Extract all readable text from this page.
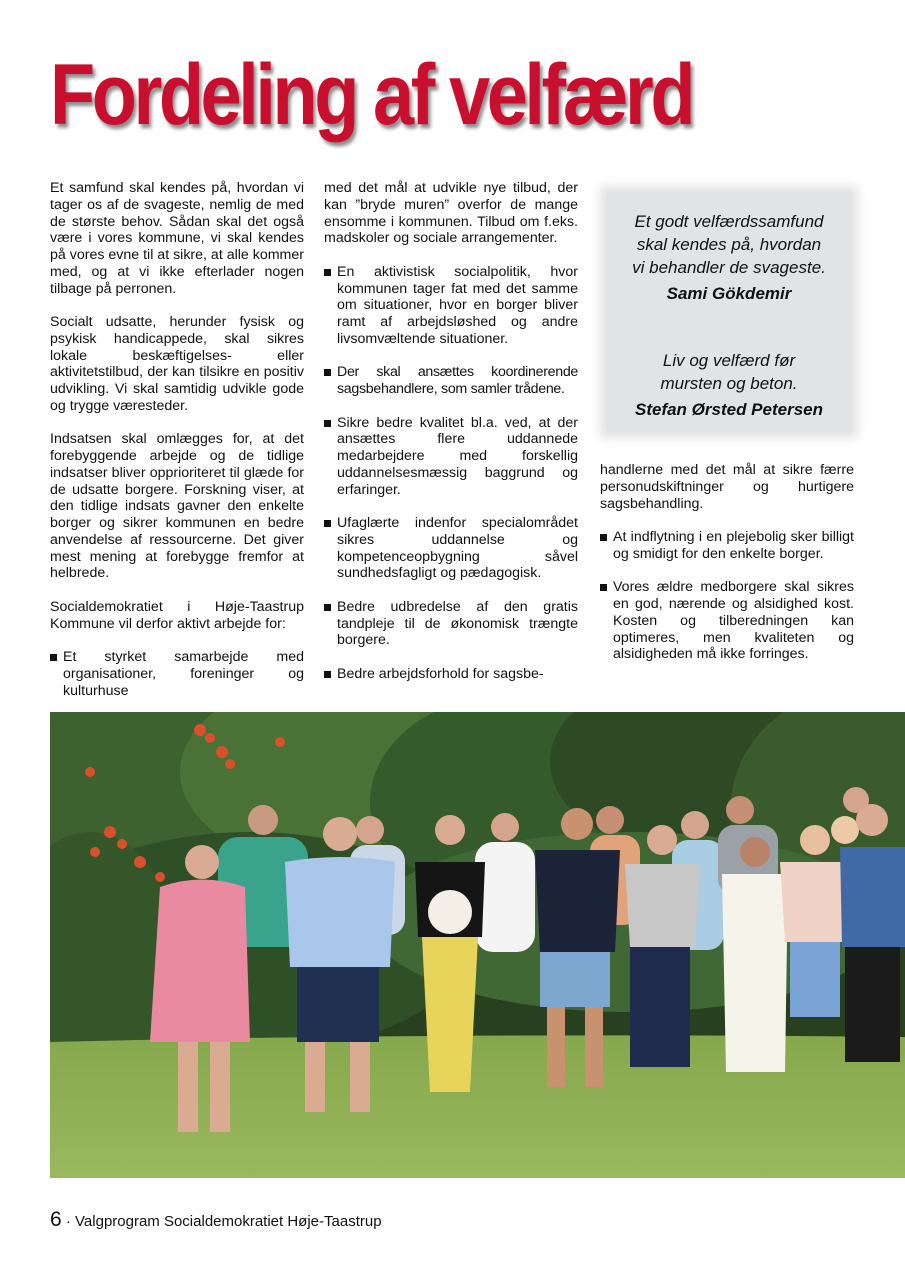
Fordeling af velfærd

Et samfund skal kendes på, hvordan vi tager os af de svageste, nemlig de med de største behov. Sådan skal det også være i vores kommune, vi skal kendes på vores evne til at sikre, at alle kommer med, og at vi ikke efterlader nogen tilbage på perronen.

Socialt udsatte, herunder fysisk og psykisk handicappede, skal sikres lokale beskæftigelses- eller aktivitetstilbud, der kan tilsikre en positiv udvikling. Vi skal samtidig udvikle gode og trygge væresteder.

Indsatsen skal omlægges for, at det forebyggende arbejde og de tidlige indsatser bliver opprioriteret til glæde for de udsatte borgere. Forskning viser, at den tidlige indsats gavner den enkelte borger og sikrer kommunen en bedre anvendelse af ressourcerne. Det giver mest mening at forebygge fremfor at helbrede.

Socialdemokratiet i Høje-Taastrup Kommune vil derfor aktivt arbejde for:

Et styrket samarbejde med organisationer, foreninger og kulturhuse

med det mål at udvikle nye tilbud, der kan ”bryde muren” overfor de mange ensomme i kommunen. Tilbud om f.eks. madskoler og sociale arrangementer.

En aktivistisk socialpolitik, hvor kommunen tager fat med det samme om situationer, hvor en borger bliver ramt af arbejdsløshed og andre livsomvæltende situationer.
Der skal ansættes koordinerende sagsbehandlere, som samler trådene.
Sikre bedre kvalitet bl.a. ved, at der ansættes flere uddannede medarbejdere med forskellig uddannelsesmæssig baggrund og erfaringer.
Ufaglærte indenfor specialområdet sikres uddannelse og kompetenceopbygning såvel sundhedsfagligt og pædagogisk.
Bedre udbredelse af den gratis tandpleje til de økonomisk trængte borgere.
Bedre arbejdsforhold for sagsbe-
Et godt velfærdssamfund
skal kendes på, hvordan
vi behandler de svageste.
Sami Gökdemir
Liv og velfærd før
mursten og beton.
Stefan Ørsted Petersen

handlerne med det mål at sikre færre personudskiftninger og hurtigere sagsbehandling.

At indflytning i en plejebolig sker billigt og smidigt for den enkelte borger.
Vores ældre medborgere skal sikres en god, nærende og alsidighed kost. Kosten og tilberedningen kan optimeres, men kvaliteten og alsidigheden må ikke forringes.
6 · Valgprogram Socialdemokratiet Høje-Taastrup
